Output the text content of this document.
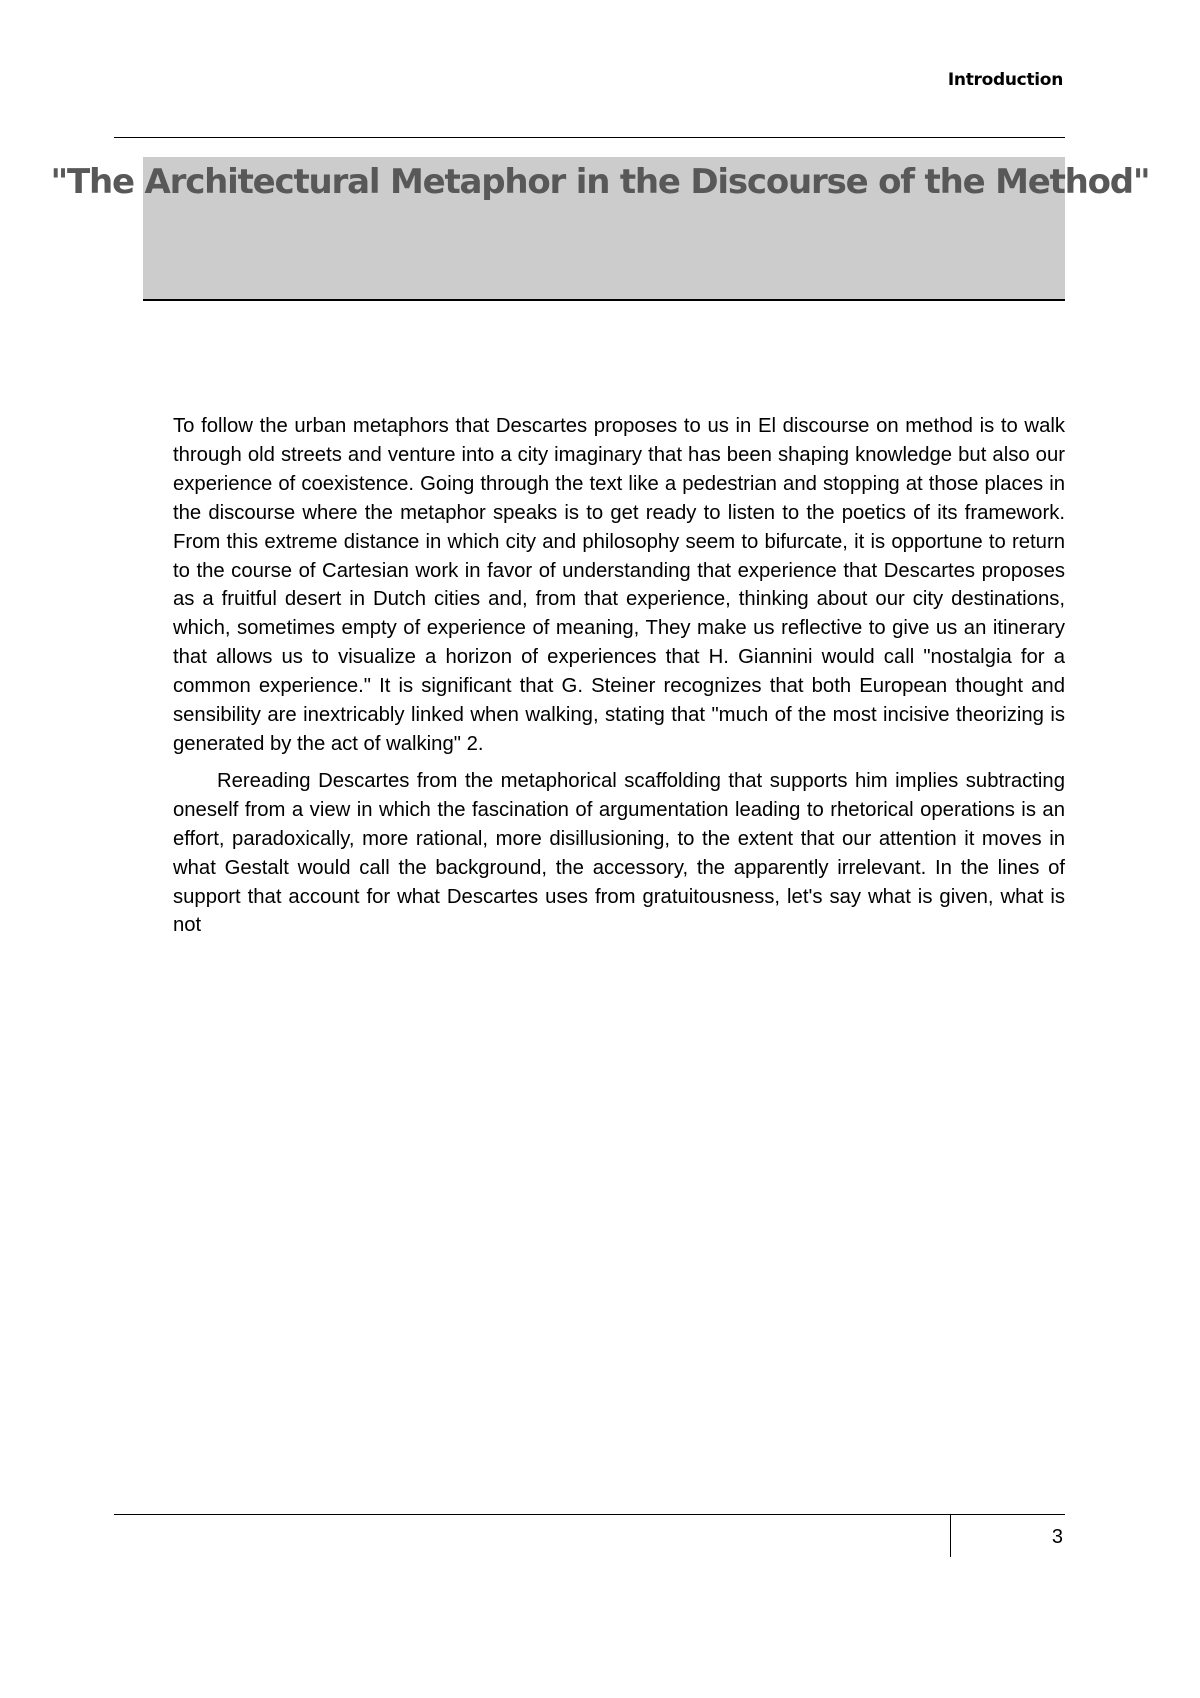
Introduction
"The Architectural Metaphor in the Discourse of the Method"

To follow the urban metaphors that Descartes proposes to us in El discourse on method is to walk through old streets and venture into a city imaginary that has been shaping knowledge but also our experience of coexistence. Going through the text like a pedestrian and stopping at those places in the discourse where the metaphor speaks is to get ready to listen to the poetics of its framework. From this extreme distance in which city and philosophy seem to bifurcate, it is opportune to return to the course of Cartesian work in favor of understanding that experience that Descartes proposes as a fruitful desert in Dutch cities and, from that experience, thinking about our city destinations, which, sometimes empty of experience of meaning, They make us reflective to give us an itinerary that allows us to visualize a horizon of experiences that H. Giannini would call "nostalgia for a common experience." It is significant that G. Steiner recognizes that both European thought and sensibility are inextricably linked when walking, stating that "much of the most incisive theorizing is generated by the act of walking" 2.

Rereading Descartes from the metaphorical scaffolding that supports him implies subtracting oneself from a view in which the fascination of argumentation leading to rhetorical operations is an effort, paradoxically, more rational, more disillusioning, to the extent that our attention it moves in what Gestalt would call the background, the accessory, the apparently irrelevant. In the lines of support that account for what Descartes uses from gratuitousness, let's say what is given, what is not

3
